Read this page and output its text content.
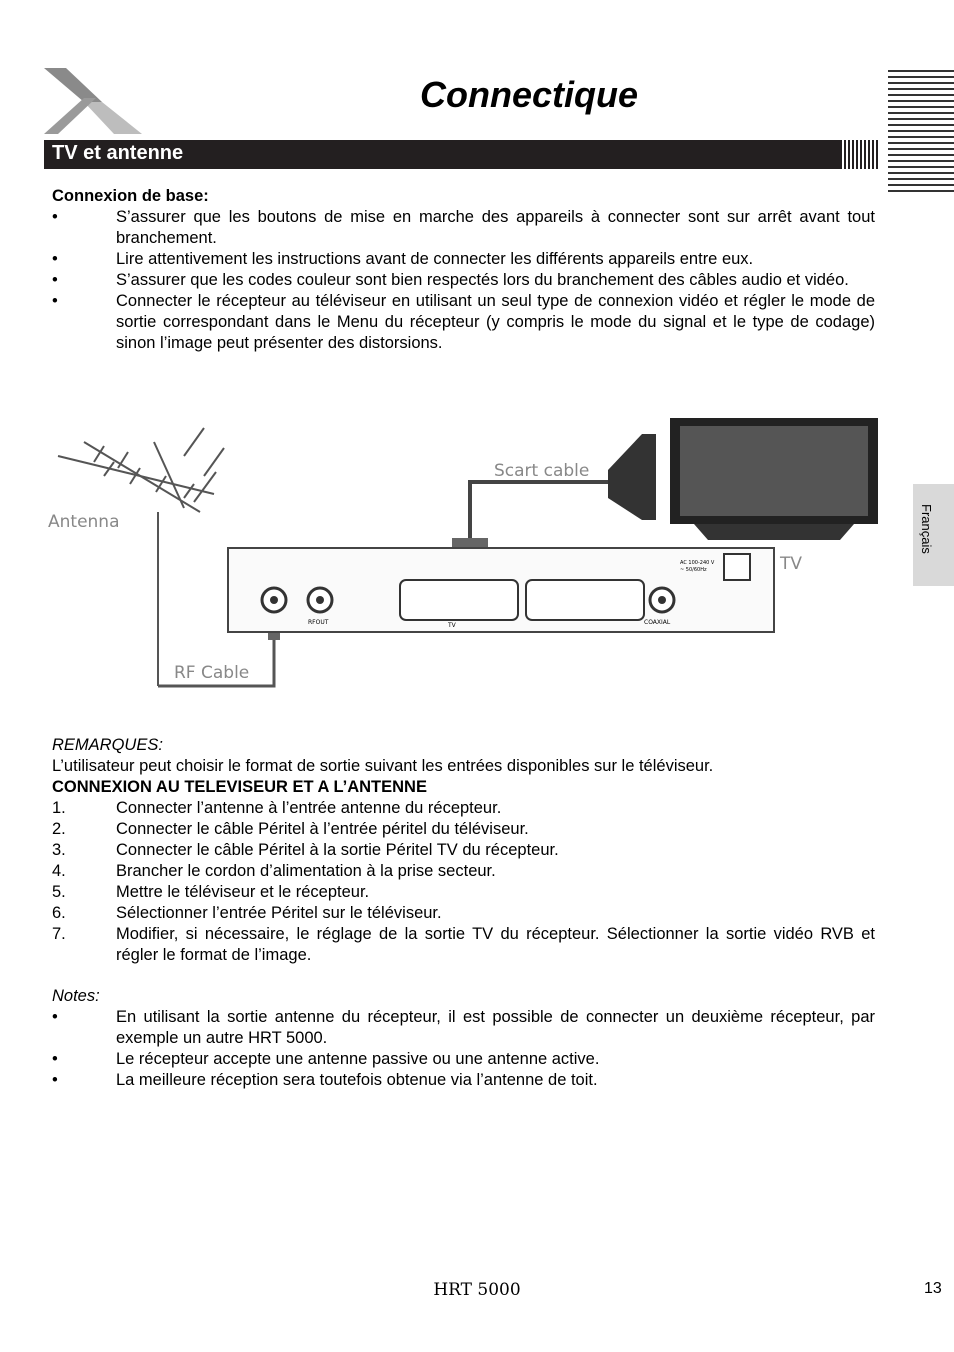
Connectique
TV et antenne
Français

Connexion de base:

•	S’assurer que les boutons de mise en marche des appareils à connecter sont sur arrêt avant tout branchement.
•	Lire attentivement les instructions avant de connecter les différents appareils entre eux.
•	S’assurer que les codes couleur sont bien respectés lors du branchement des câbles audio et vidéo.
•	Connecter le récepteur au téléviseur en utilisant un seul type de connexion vidéo et régler le mode de sortie correspondant dans le Menu du récepteur (y compris le mode du signal et le type de codage) sinon l’image peut présenter des distorsions.
Antenna
RF Cable
Scart cable
TV
RFOUT	TV	COAXIAL
AC 100-240 V
~ 50/60Hz

REMARQUES:

L’utilisateur peut choisir le format de sortie suivant les entrées disponibles sur le téléviseur.

CONNEXION AU TELEVISEUR ET A L’ANTENNE

1.	Connecter l’antenne à l’entrée antenne du récepteur.
2.	Connecter le câble Péritel à l’entrée péritel du téléviseur.
3.	Connecter le câble Péritel à la sortie Péritel TV du récepteur.
4.	Brancher le cordon d’alimentation à la prise secteur.
5.	Mettre le téléviseur et le récepteur.
6.	Sélectionner l’entrée Péritel sur le téléviseur.
7.	Modifier, si nécessaire, le réglage de la sortie TV du récepteur. Sélectionner la sortie vidéo RVB et régler le format de l’image.

Notes:

•	En utilisant la sortie antenne du récepteur, il est possible de connecter un deuxième récepteur, par exemple un autre HRT 5000.
•	Le récepteur accepte une antenne passive ou une antenne active.
•	La meilleure réception sera toutefois obtenue via l’antenne de toit.
HRT 5000	13
